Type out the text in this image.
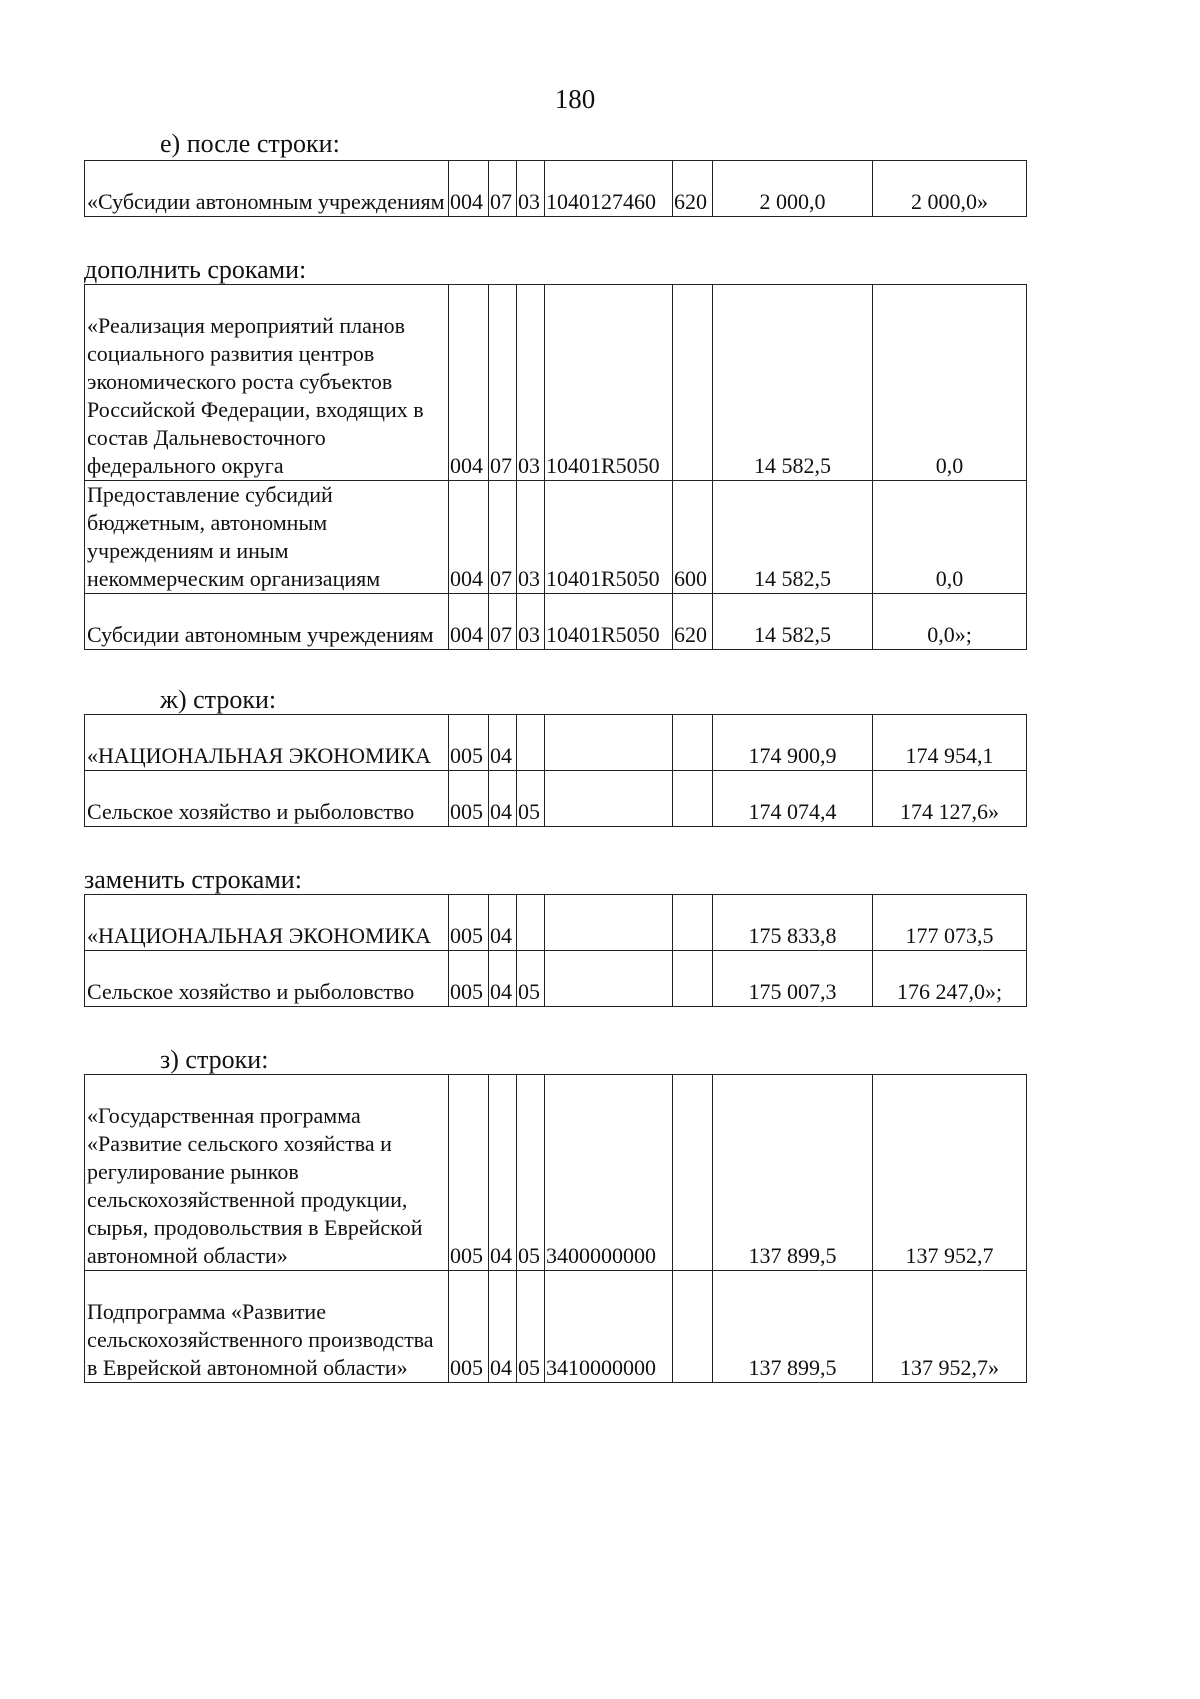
180
е) после строки:
«Субсидии автономным учреждениям	004	07	03	1040127460	620	2 000,0	2 000,0»
дополнить сроками:
«Реализация мероприятий планов социального развития центров экономического роста субъектов Российской Федерации, входящих в состав Дальневосточного федерального округа	004	07	03	10401R5050		14 582,5	0,0
Предоставление субсидий бюджетным, автономным учреждениям и иным некоммерческим организациям	004	07	03	10401R5050	600	14 582,5	0,0
Субсидии автономным учреждениям	004	07	03	10401R5050	620	14 582,5	0,0»;
ж) строки:
«НАЦИОНАЛЬНАЯ ЭКОНОМИКА	005	04				174 900,9	174 954,1
Сельское хозяйство и рыболовство	005	04	05			174 074,4	174 127,6»
заменить строками:
«НАЦИОНАЛЬНАЯ ЭКОНОМИКА	005	04				175 833,8	177 073,5
Сельское хозяйство и рыболовство	005	04	05			175 007,3	176 247,0»;
з) строки:
«Государственная программа «Развитие сельского хозяйства и регулирование рынков сельскохозяйственной продукции, сырья, продовольствия в Еврейской автономной области»	005	04	05	3400000000		137 899,5	137 952,7
Подпрограмма «Развитие сельскохозяйственного производства в Еврейской автономной области»	005	04	05	3410000000		137 899,5	137 952,7»
